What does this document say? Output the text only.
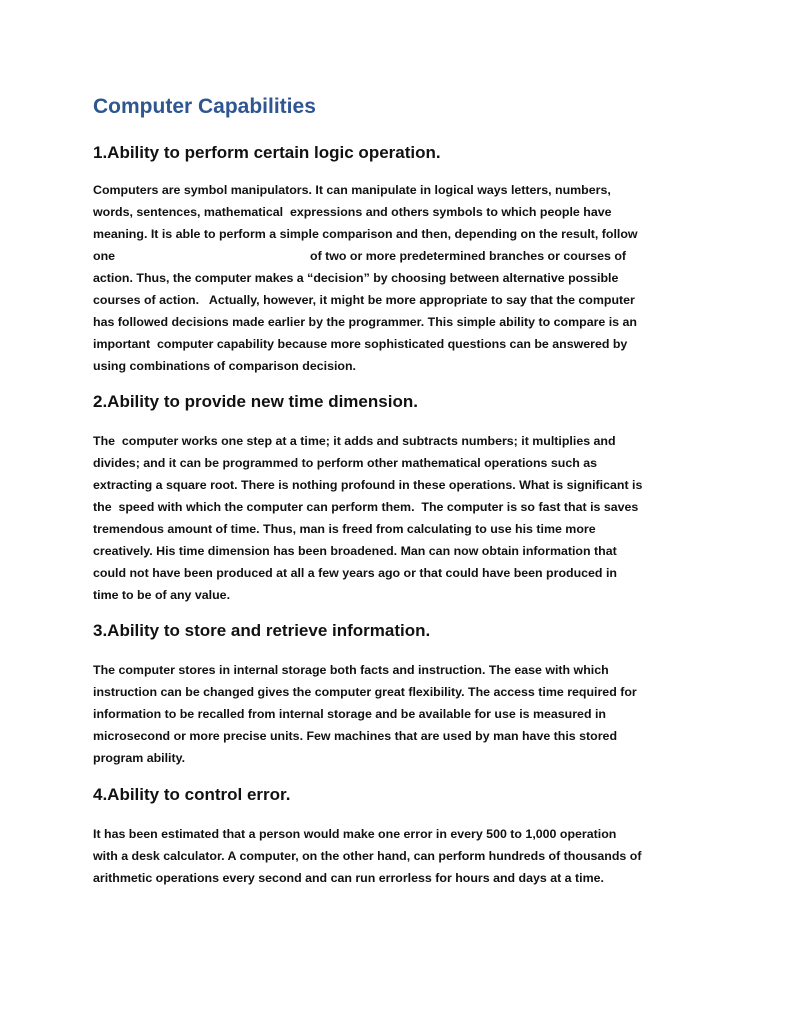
Computer Capabilities
1.Ability to perform certain logic operation.

Computers are symbol manipulators. It can manipulate in logical ways letters, numbers,

words, sentences, mathematical  expressions and others symbols to which people have

meaning. It is able to perform a simple comparison and then, depending on the result, follow

one	of two or more predetermined branches or courses of

action. Thus, the computer makes a “decision” by choosing between alternative possible

courses of action.   Actually, however, it might be more appropriate to say that the computer

has followed decisions made earlier by the programmer. This simple ability to compare is an

important  computer capability because more sophisticated questions can be answered by

using combinations of comparison decision.

2.Ability to provide new time dimension.

The  computer works one step at a time; it adds and subtracts numbers; it multiplies and

divides; and it can be programmed to perform other mathematical operations such as

extracting a square root. There is nothing profound in these operations. What is significant is

the  speed with which the computer can perform them.  The computer is so fast that is saves

tremendous amount of time. Thus, man is freed from calculating to use his time more

creatively. His time dimension has been broadened. Man can now obtain information that

could not have been produced at all a few years ago or that could have been produced in

time to be of any value.

3.Ability to store and retrieve information.

The computer stores in internal storage both facts and instruction. The ease with which

instruction can be changed gives the computer great flexibility. The access time required for

information to be recalled from internal storage and be available for use is measured in

microsecond or more precise units. Few machines that are used by man have this stored

program ability.

4.Ability to control error.

It has been estimated that a person would make one error in every 500 to 1,000 operation

with a desk calculator. A computer, on the other hand, can perform hundreds of thousands of

arithmetic operations every second and can run errorless for hours and days at a time.
